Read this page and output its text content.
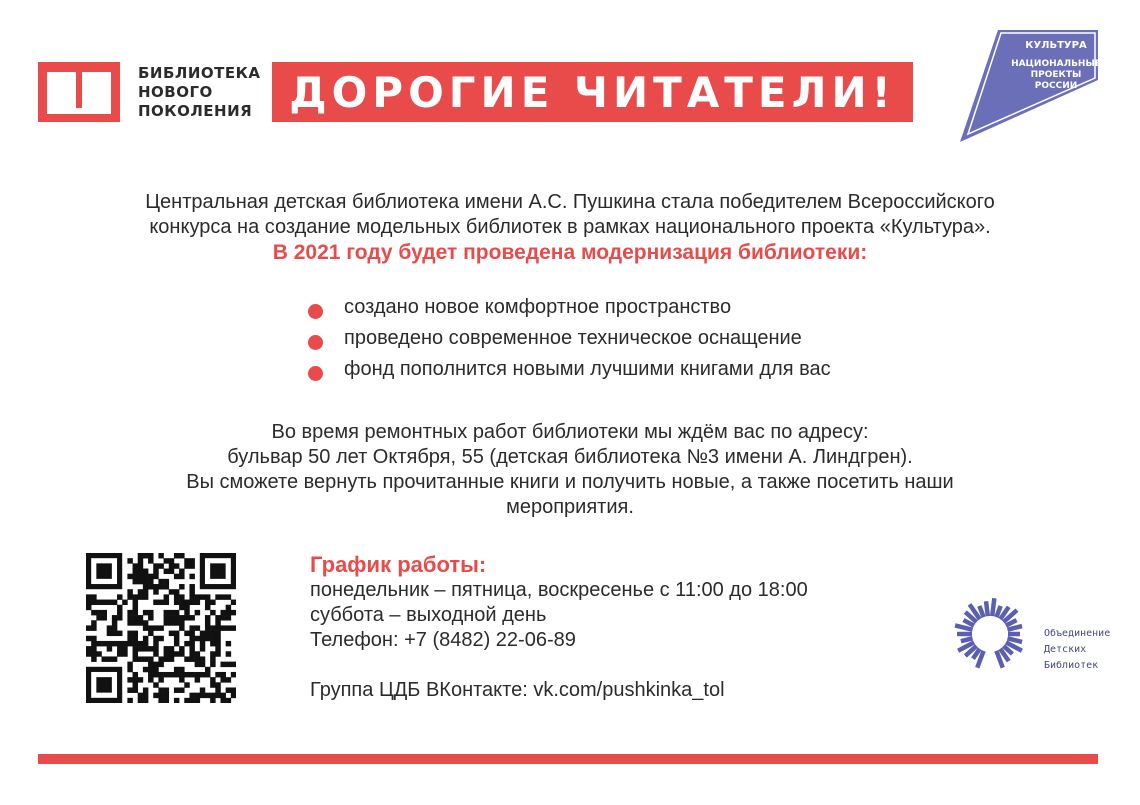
БИБЛИОТЕКА
НОВОГО
ПОКОЛЕНИЯ ДОРОГИЕ ЧИТАТЕЛИ!
КУЛЬТУРА
НАЦИОНАЛЬНЫЕ
ПРОЕКТЫ
РОССИИ

Центральная детская библиотека имени А.С. Пушкина стала победителем Всероссийского

конкурса на создание модельных библиотек в рамках национального проекта «Культура».

В 2021 году будет проведена модернизация библиотеки:

создано новое комфортное пространство
проведено современное техническое оснащение
фонд пополнится новыми лучшими книгами для вас
Во время ремонтных работ библиотеки мы ждём вас по адресу:
бульвар 50 лет Октября, 55 (детская библиотека №3 имени А. Линдгрен).
Вы сможете вернуть прочитанные книги и получить новые, а также посетить наши
мероприятия.
График работы:
понедельник – пятница, воскресенье с 11:00 до 18:00
суббота – выходной день
Телефон: +7 (8482) 22-06-89
Группа ЦДБ ВКонтакте: vk.com/pushkinka_tol
Объединение
Детских
Библиотек
